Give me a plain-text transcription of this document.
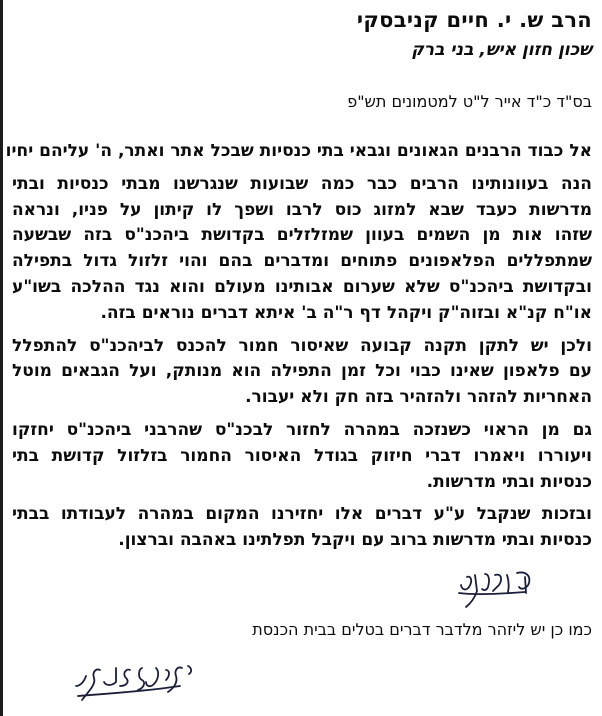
הרב ש. י. חיים קניבסקי
שכון חזון איש, בני ברק
בס"ד כ"ד אייר ל"ט למטמונים תש"פ

אל כבוד הרבנים הגאונים וגבאי בתי כנסיות שבכל אתר ואתר, ה' עליהם יחיו

הנה בעוונותינו הרבים כבר כמה שבועות שנגרשנו מבתי כנסיות ובתי
מדרשות כעבד שבא למזוג כוס לרבו ושפך לו קיתון על פניו, ונראה
שזהו אות מן השמים בעוון שמזלזלים בקדושת ביהכנ"ס בזה שבשעה
שמתפללים הפלאפונים פתוחים ומדברים בהם והוי זלזול גדול בתפילה
ובקדושת ביהכנ"ס שלא שערום אבותינו מעולם והוא נגד ההלכה בשו"ע
או"ח קנ"א ובזוה"ק ויקהל דף ר"ה ב' איתא דברים נוראים בזה.

ולכן יש לתקן תקנה קבועה שאיסור חמור להכנס לביהכנ"ס להתפלל
עם פלאפון שאינו כבוי וכל זמן התפילה הוא מנותק, ועל הגבאים מוטל
האחריות להזהר ולהזהיר בזה חק ולא יעבור.

גם מן הראוי כשנזכה במהרה לחזור לבכנ"ס שהרבני ביהכנ"ס יחזקו
ויעוררו ויאמרו דברי חיזוק בגודל האיסור החמור בזלזול קדושת בתי
כנסיות ובתי מדרשות.

ובזכות שנקבל ע"ע דברים אלו יחזירנו המקום במהרה לעבודתו בבתי
כנסיות ובתי מדרשות ברוב עם ויקבל תפלתינו באהבה וברצון.

כמו כן יש ליזהר מלדבר דברים בטלים בבית הכנסת
